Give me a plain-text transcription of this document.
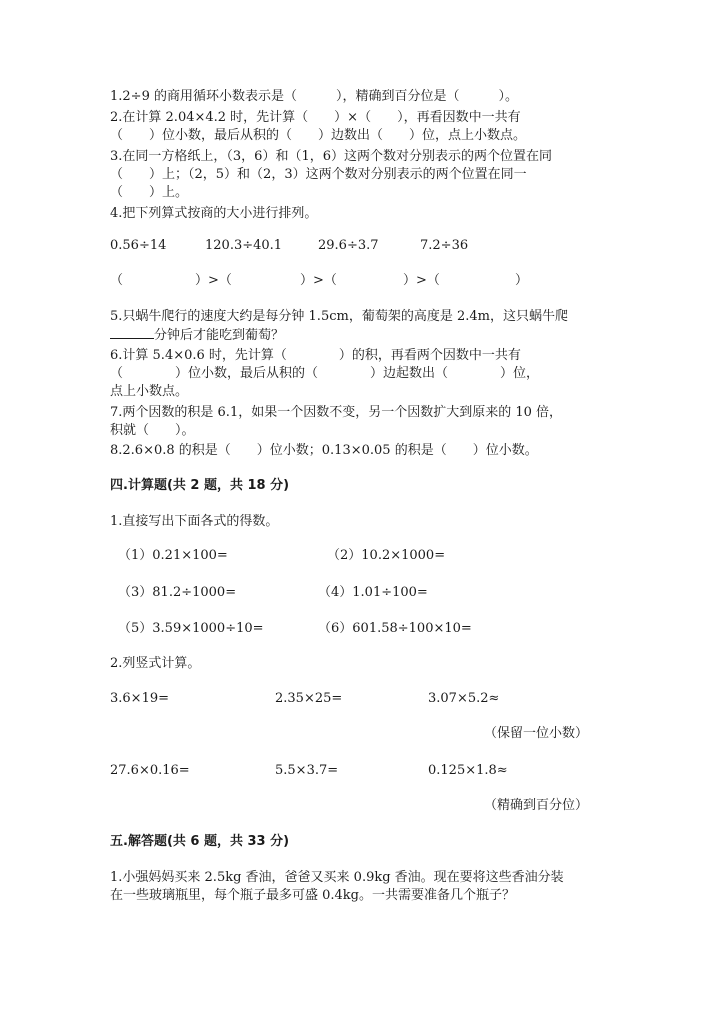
1.2÷9 的商用循环小数表示是（　　　），精确到百分位是（　　　）。
2.在计算 2.04×4.2 时，先计算（　　）×（　　），再看因数中一共有
（　　）位小数，最后从积的（　　）边数出（　　）位，点上小数点。
3.在同一方格纸上，（3，6）和（1，6）这两个数对分别表示的两个位置在同
（　　）上；（2，5）和（2，3）这两个数对分别表示的两个位置在同一
（　　）上。
4.把下列算式按商的大小进行排列。
0.56÷14	120.3÷40.1	29.6÷3.7	7.2÷36
（	）>（	）>（	）>（	）
5.只蜗牛爬行的速度大约是每分钟 1.5cm，葡萄架的高度是 2.4m，这只蜗牛爬
分钟后才能吃到葡萄？
6.计算 5.4×0.6 时，先计算（　　　　）的积，再看两个因数中一共有
（　　　　）位小数，最后从积的（　　　　）边起数出（　　　　）位，
点上小数点。
7.两个因数的积是 6.1，如果一个因数不变，另一个因数扩大到原来的 10 倍，
积就（　　）。
8.2.6×0.8 的积是（　　）位小数；0.13×0.05 的积是（　　）位小数。
四.计算题(共 2 题，共 18 分)
1.直接写出下面各式的得数。
（1）0.21×100=	（2）10.2×1000=
（3）81.2÷1000=	（4）1.01÷100=
（5）3.59×1000÷10=	（6）601.58÷100×10=
2.列竖式计算。
3.6×19=	2.35×25=	3.07×5.2≈
（保留一位小数）
27.6×0.16=	5.5×3.7=	0.125×1.8≈
（精确到百分位）
五.解答题(共 6 题，共 33 分)
1.小强妈妈买来 2.5kg 香油，爸爸又买来 0.9kg 香油。现在要将这些香油分装
在一些玻璃瓶里，每个瓶子最多可盛 0.4kg。一共需要准备几个瓶子？
